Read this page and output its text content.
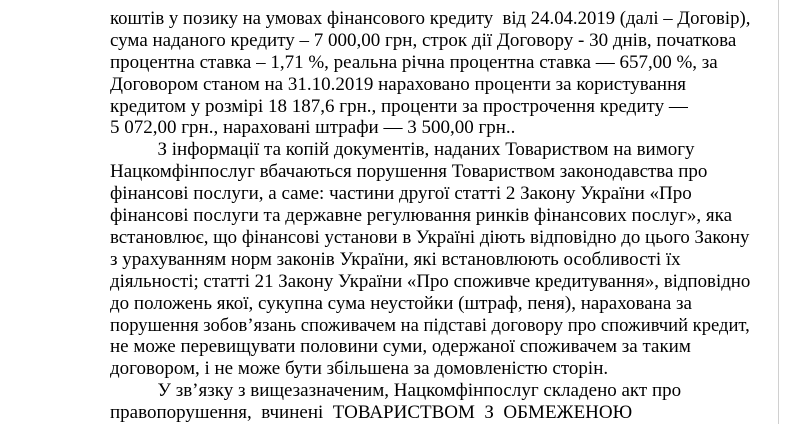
коштів у позику на умовах фінансового кредиту  від 24.04.2019 (далі – Договір),
сума наданого кредиту – 7 000,00 грн, строк дії Договору - 30 днів, початкова
процентна ставка – 1,71 %, реальна річна процентна ставка — 657,00 %, за
Договором станом на 31.10.2019 нараховано проценти за користування
кредитом у розмірі 18 187,6 грн., проценти за прострочення кредиту —
5 072,00 грн., нараховані штрафи — 3 500,00 грн..
З інформації та копій документів, наданих Товариством на вимогу
Нацкомфінпослуг вбачаються порушення Товариством законодавства про
фінансові послуги, а саме: частини другої статті 2 Закону України «Про
фінансові послуги та державне регулювання ринків фінансових послуг», яка
встановлює, що фінансові установи в Україні діють відповідно до цього Закону
з урахуванням норм законів України, які встановлюють особливості їх
діяльності; статті 21 Закону України «Про споживче кредитування», відповідно
до положень якої, сукупна сума неустойки (штраф, пеня), нарахована за
порушення зобов’язань споживачем на підставі договору про споживчий кредит,
не може перевищувати половини суми, одержаної споживачем за таким
договором, і не може бути збільшена за домовленістю сторін.
У зв’язку з вищезазначеним, Нацкомфінпослуг складено акт про
правопорушення,  вчинені  ТОВАРИСТВОМ  З  ОБМЕЖЕНОЮ
